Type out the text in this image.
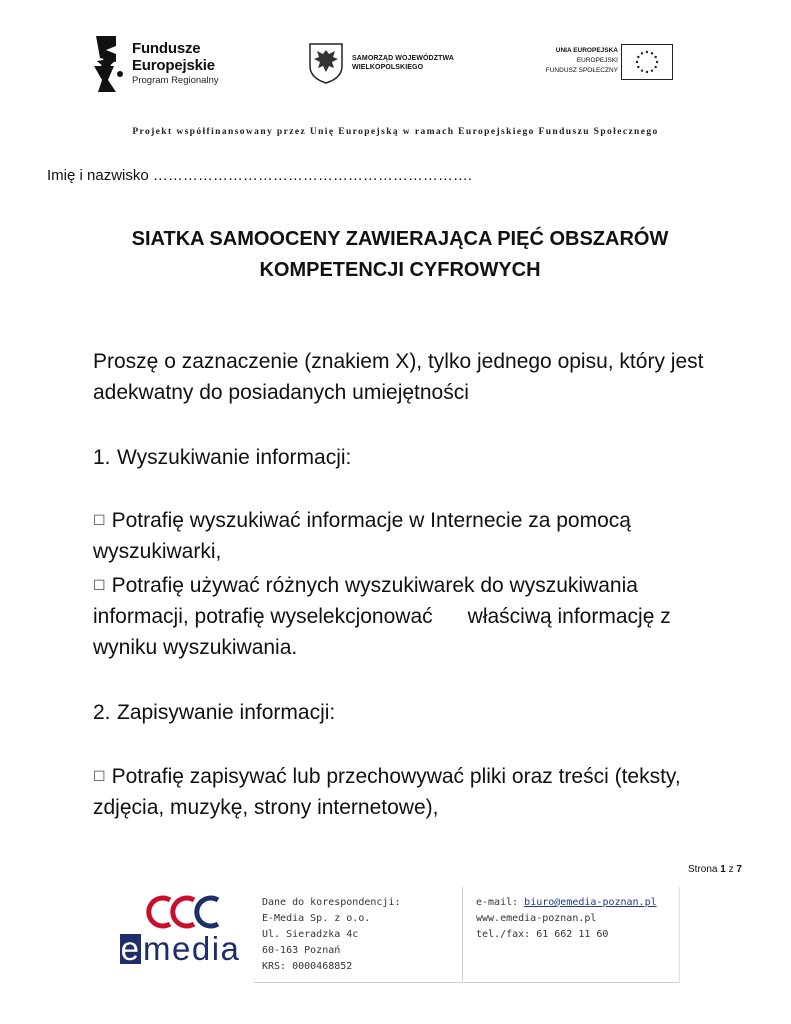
Fundusze
Europejskie
Program Regionalny
SAMORZĄD WOJEWÓDZTWA
WIELKOPOLSKIEGO
UNIA EUROPEJSKA
EUROPEJSKI
FUNDUSZ SPOŁECZNY
Projekt współfinansowany przez Unię Europejską w ramach Europejskiego Funduszu Społecznego
Imię i nazwisko ……………………………………………………….
SIATKA SAMOOCENY ZAWIERAJĄCA PIĘĆ OBSZARÓW
KOMPETENCJI CYFROWYCH
Proszę o zaznaczenie (znakiem X), tylko jednego opisu, który jest adekwatny do posiadanych umiejętności
1. Wyszukiwanie informacji:
☐ Potrafię wyszukiwać informacje w Internecie za pomocą wyszukiwarki,
☐ Potrafię używać różnych wyszukiwarek do wyszukiwania informacji, potrafię wyselekcjonować      właściwą informację z wyniku wyszukiwania.
2. Zapisywanie informacji:
☐ Potrafię zapisywać lub przechowywać pliki oraz treści (teksty, zdjęcia, muzykę, strony internetowe),
Strona 1 z 7
emedia
Dane do korespondencji:
E-Media Sp. z o.o.
Ul. Sieradzka 4c
60-163 Poznań
KRS: 0000468852
e-mail: biuro@emedia-poznan.pl
www.emedia-poznan.pl
tel./fax: 61 662 11 60
